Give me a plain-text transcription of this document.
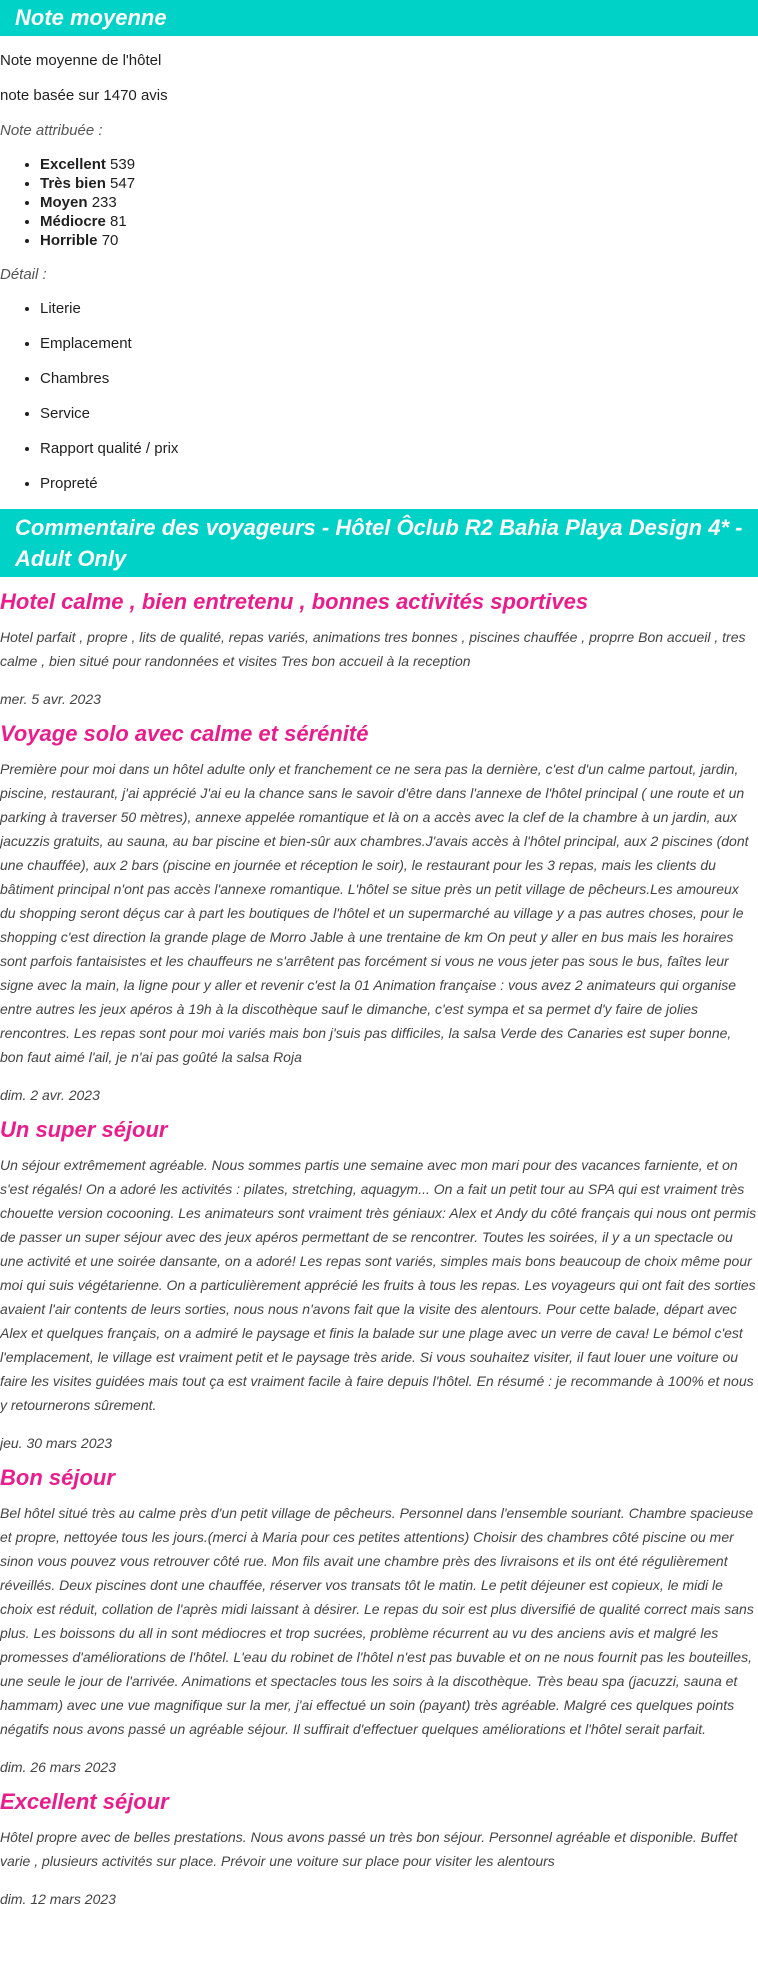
Note moyenne

Note moyenne de l'hôtel

note basée sur 1470 avis

Note attribuée :

• Excellent 539
• Très bien 547
• Moyen 233
• Médiocre 81
• Horrible 70

Détail :

• Literie
• Emplacement
• Chambres
• Service
• Rapport qualité / prix
• Propreté
Commentaire des voyageurs - Hôtel Ôclub R2 Bahia Playa Design 4* - Adult Only
Hotel calme , bien entretenu , bonnes activités sportives

Hotel parfait , propre , lits de qualité, repas variés, animations tres bonnes , piscines chauffée , proprre Bon accueil , tres calme , bien situé pour randonnées et visites Tres bon accueil à la reception

mer. 5 avr. 2023

Voyage solo avec calme et sérénité

Première pour moi dans un hôtel adulte only et franchement ce ne sera pas la dernière, c'est d'un calme partout, jardin, piscine, restaurant, j'ai apprécié J'ai eu la chance sans le savoir d'être dans l'annexe de l'hôtel principal ( une route et un parking à traverser 50 mètres), annexe appelée romantique et là on a accès avec la clef de la chambre à un jardin, aux jacuzzis gratuits, au sauna, au bar piscine et bien-sûr aux chambres.J'avais accès à l'hôtel principal, aux 2 piscines (dont une chauffée), aux 2 bars (piscine en journée et réception le soir), le restaurant pour les 3 repas, mais les clients du bâtiment principal n'ont pas accès l'annexe romantique. L'hôtel se situe près un petit village de pêcheurs.Les amoureux du shopping seront déçus car à part les boutiques de l'hôtel et un supermarché au village y a pas autres choses, pour le shopping c'est direction la grande plage de Morro Jable à une trentaine de km On peut y aller en bus mais les horaires sont parfois fantaisistes et les chauffeurs ne s'arrêtent pas forcément si vous ne vous jeter pas sous le bus, faîtes leur signe avec la main, la ligne pour y aller et revenir c'est la 01 Animation française : vous avez 2 animateurs qui organise entre autres les jeux apéros à 19h à la discothèque sauf le dimanche, c'est sympa et sa permet d'y faire de jolies rencontres. Les repas sont pour moi variés mais bon j'suis pas difficiles, la salsa Verde des Canaries est super bonne, bon faut aimé l'ail, je n'ai pas goûté la salsa Roja

dim. 2 avr. 2023

Un super séjour

Un séjour extrêmement agréable. Nous sommes partis une semaine avec mon mari pour des vacances farniente, et on s'est régalés! On a adoré les activités : pilates, stretching, aquagym... On a fait un petit tour au SPA qui est vraiment très chouette version cocooning. Les animateurs sont vraiment très géniaux: Alex et Andy du côté français qui nous ont permis de passer un super séjour avec des jeux apéros permettant de se rencontrer. Toutes les soirées, il y a un spectacle ou une activité et une soirée dansante, on a adoré! Les repas sont variés, simples mais bons beaucoup de choix même pour moi qui suis végétarienne. On a particulièrement apprécié les fruits à tous les repas. Les voyageurs qui ont fait des sorties avaient l'air contents de leurs sorties, nous nous n'avons fait que la visite des alentours. Pour cette balade, départ avec Alex et quelques français, on a admiré le paysage et finis la balade sur une plage avec un verre de cava! Le bémol c'est l'emplacement, le village est vraiment petit et le paysage très aride. Si vous souhaitez visiter, il faut louer une voiture ou faire les visites guidées mais tout ça est vraiment facile à faire depuis l'hôtel. En résumé : je recommande à 100% et nous y retournerons sûrement.

jeu. 30 mars 2023

Bon séjour

Bel hôtel situé très au calme près d'un petit village de pêcheurs. Personnel dans l'ensemble souriant. Chambre spacieuse et propre, nettoyée tous les jours.(merci à Maria pour ces petites attentions) Choisir des chambres côté piscine ou mer sinon vous pouvez vous retrouver côté rue. Mon fils avait une chambre près des livraisons et ils ont été régulièrement réveillés. Deux piscines dont une chauffée, réserver vos transats tôt le matin. Le petit déjeuner est copieux, le midi le choix est réduit, collation de l'après midi laissant à désirer. Le repas du soir est plus diversifié de qualité correct mais sans plus. Les boissons du all in sont médiocres et trop sucrées, problème récurrent au vu des anciens avis et malgré les promesses d'améliorations de l'hôtel. L'eau du robinet de l'hôtel n'est pas buvable et on ne nous fournit pas les bouteilles, une seule le jour de l'arrivée. Animations et spectacles tous les soirs à la discothèque. Très beau spa (jacuzzi, sauna et hammam) avec une vue magnifique sur la mer, j'ai effectué un soin (payant) très agréable. Malgré ces quelques points négatifs nous avons passé un agréable séjour. Il suffirait d'effectuer quelques améliorations et l'hôtel serait parfait.

dim. 26 mars 2023

Excellent séjour

Hôtel propre avec de belles prestations. Nous avons passé un très bon séjour. Personnel agréable et disponible. Buffet varie , plusieurs activités sur place. Prévoir une voiture sur place pour visiter les alentours

dim. 12 mars 2023
